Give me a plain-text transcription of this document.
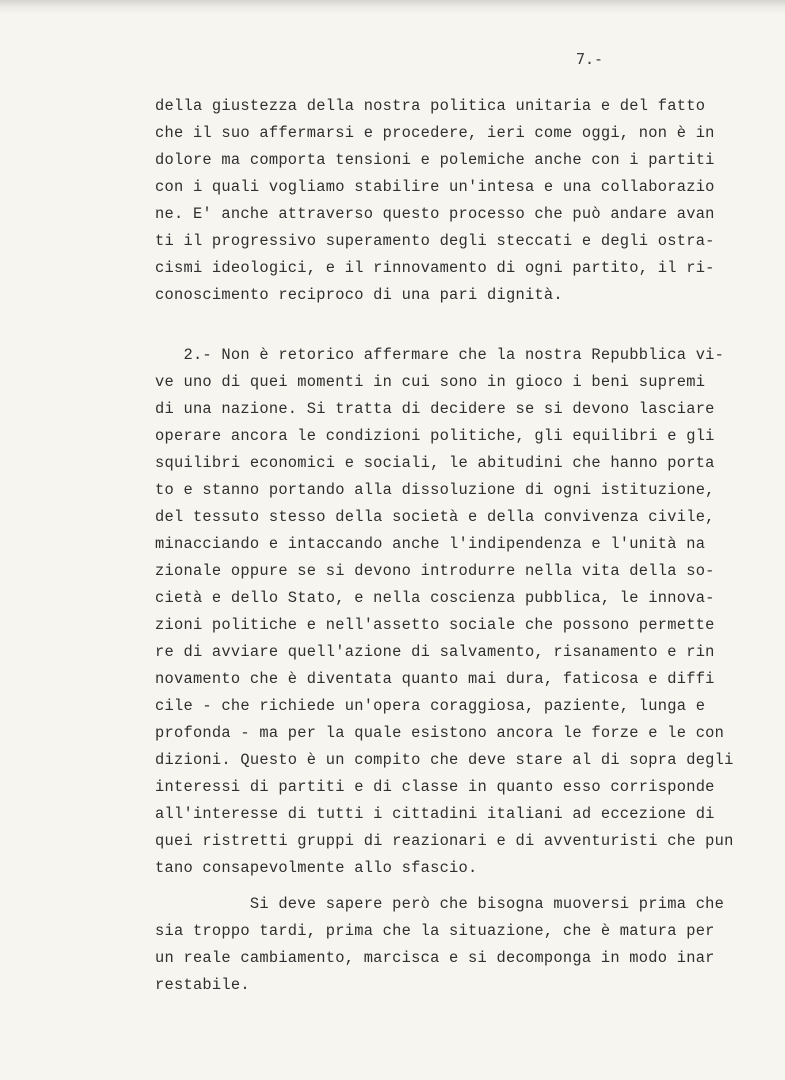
7.-
della giustezza della nostra politica unitaria e del fatto
che il suo affermarsi e procedere, ieri come oggi, non è in
dolore ma comporta tensioni e polemiche anche con i partiti
con i quali vogliamo stabilire un'intesa e una collaborazio
ne. E' anche attraverso questo processo che può andare avan
ti il progressivo superamento degli steccati e degli ostra-
cismi ideologici, e il rinnovamento di ogni partito, il ri-
conoscimento reciproco di una pari dignità.
2.- Non è retorico affermare che la nostra Repubblica vi-
ve uno di quei momenti in cui sono in gioco i beni supremi
di una nazione. Si tratta di decidere se si devono lasciare
operare ancora le condizioni politiche, gli equilibri e gli
squilibri economici e sociali, le abitudini che hanno porta
to e stanno portando alla dissoluzione di ogni istituzione,
del tessuto stesso della società e della convivenza civile,
minacciando e intaccando anche l'indipendenza e l'unità na
zionale oppure se si devono introdurre nella vita della so-
cietà e dello Stato, e nella coscienza pubblica, le innova-
zioni politiche e nell'assetto sociale che possono permette
re di avviare quell'azione di salvamento, risanamento e rin
novamento che è diventata quanto mai dura, faticosa e diffi
cile - che richiede un'opera coraggiosa, paziente, lunga e
profonda - ma per la quale esistono ancora le forze e le con
dizioni. Questo è un compito che deve stare al di sopra degli
interessi di partiti e di classe in quanto esso corrisponde
all'interesse di tutti i cittadini italiani ad eccezione di
quei ristretti gruppi di reazionari e di avventuristi che pun
tano consapevolmente allo sfascio.
Si deve sapere però che bisogna muoversi prima che
sia troppo tardi, prima che la situazione, che è matura per
un reale cambiamento, marcisca e si decomponga in modo inar
restabile.
